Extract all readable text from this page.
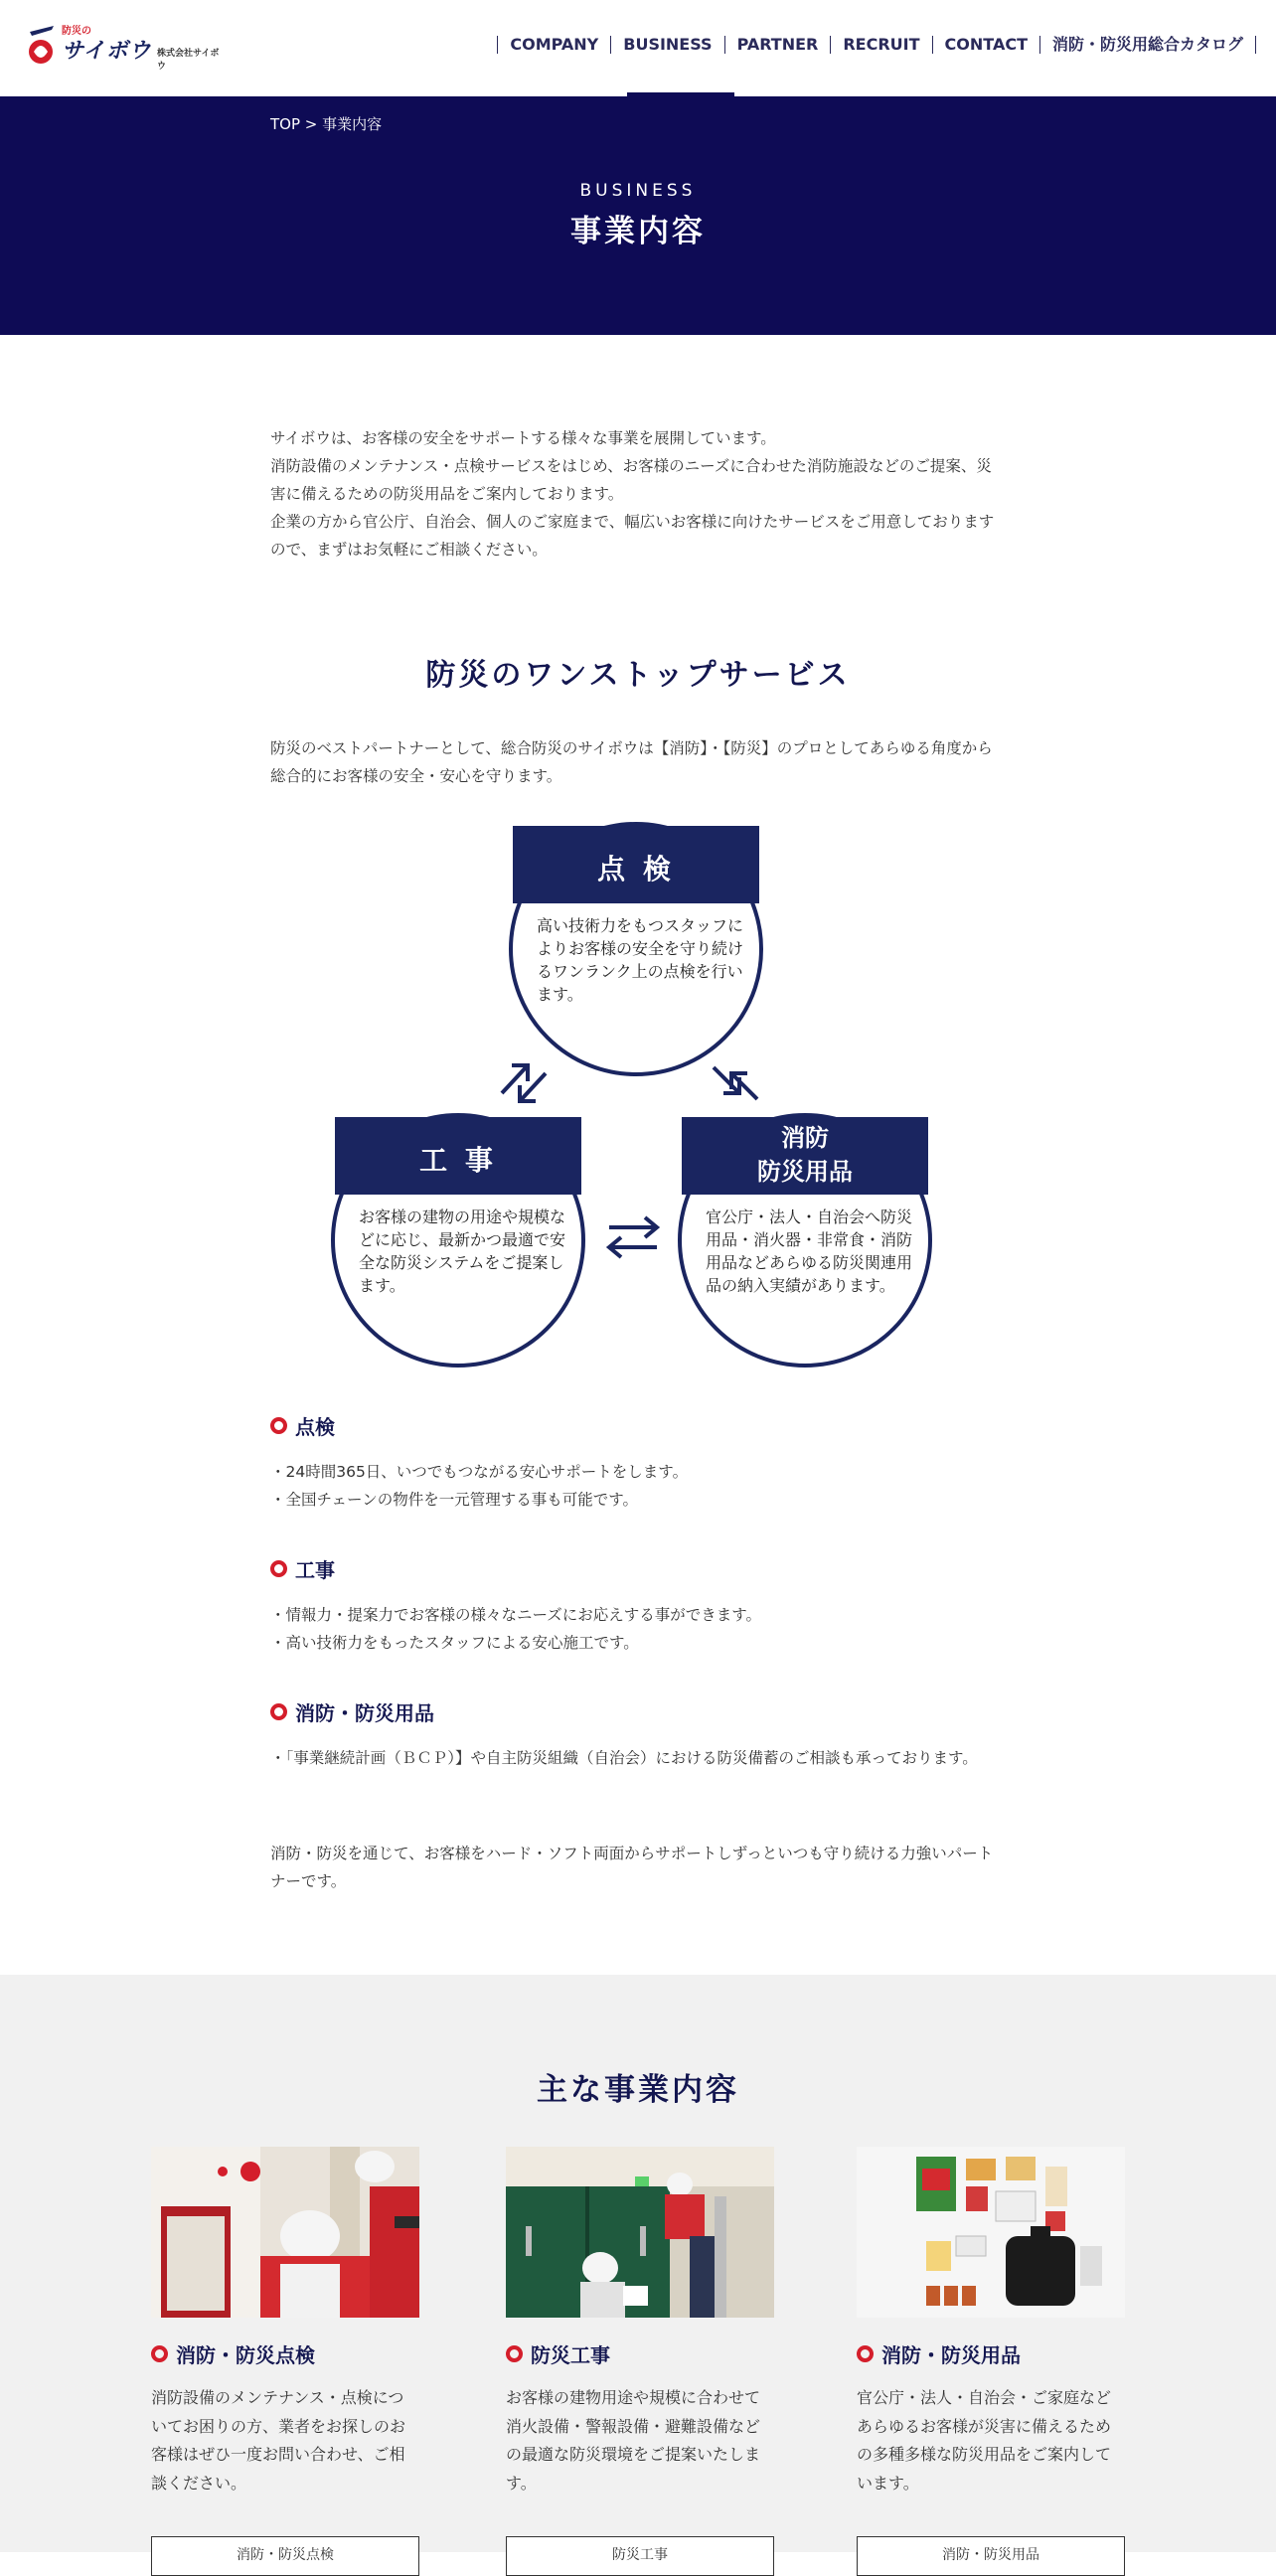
防災の
サイボウ 株式会社サイボウ
COMPANY	BUSINESS	PARTNER	RECRUIT	CONTACT	消防・防災用総合カタログ
TOP > 事業内容
BUSINESS
事業内容

サイボウは、お客様の安全をサポートする様々な事業を展開しています。

消防設備のメンテナンス・点検サービスをはじめ、お客様のニーズに合わせた消防施設などのご提案、災害に備えるための防災用品をご案内しております。

企業の方から官公庁、自治会、個人のご家庭まで、幅広いお客様に向けたサービスをご用意しておりますので、まずはお気軽にご相談ください。

防災のワンストップサービス

防災のベストパートナーとして、総合防災のサイボウは【消防】・【防災】のプロとしてあらゆる角度から総合的にお客様の安全・安心を守ります。

点 検
高い技術力をもつスタッフによりお客様の安全を守り続けるワンランク上の点検を行います。
工 事
お客様の建物の用途や規模などに応じ、最新かつ最適で安全な防災システムをご提案します。
消防
防災用品
官公庁・法人・自治会へ防災用品・消火器・非常食・消防用品などあらゆる防災関連用品の納入実績があります。
点検
・24時間365日、いつでもつながる安心サポートをします。
・全国チェーンの物件を一元管理する事も可能です。
工事
・情報力・提案力でお客様の様々なニーズにお応えする事ができます。
・高い技術力をもったスタッフによる安心施工です。
消防・防災用品
・「事業継続計画（ＢＣＰ）】や自主防災組織（自治会）における防災備蓄のご相談も承っております。
消防・防災を通じて、お客様をハード・ソフト両面からサポートしずっといつも守り続ける力強いパートナーです。
主な事業内容
消防・防災点検

消防設備のメンテナンス・点検についてお困りの方、業者をお探しのお客様はぜひ一度お問い合わせ、ご相談ください。

消防・防災点検
防災工事

お客様の建物用途や規模に合わせて消火設備・警報設備・避難設備などの最適な防災環境をご提案いたします。

防災工事
消防・防災用品

官公庁・法人・自治会・ご家庭などあらゆるお客様が災害に備えるための多種多様な防災用品をご案内しています。

消防・防災用品
